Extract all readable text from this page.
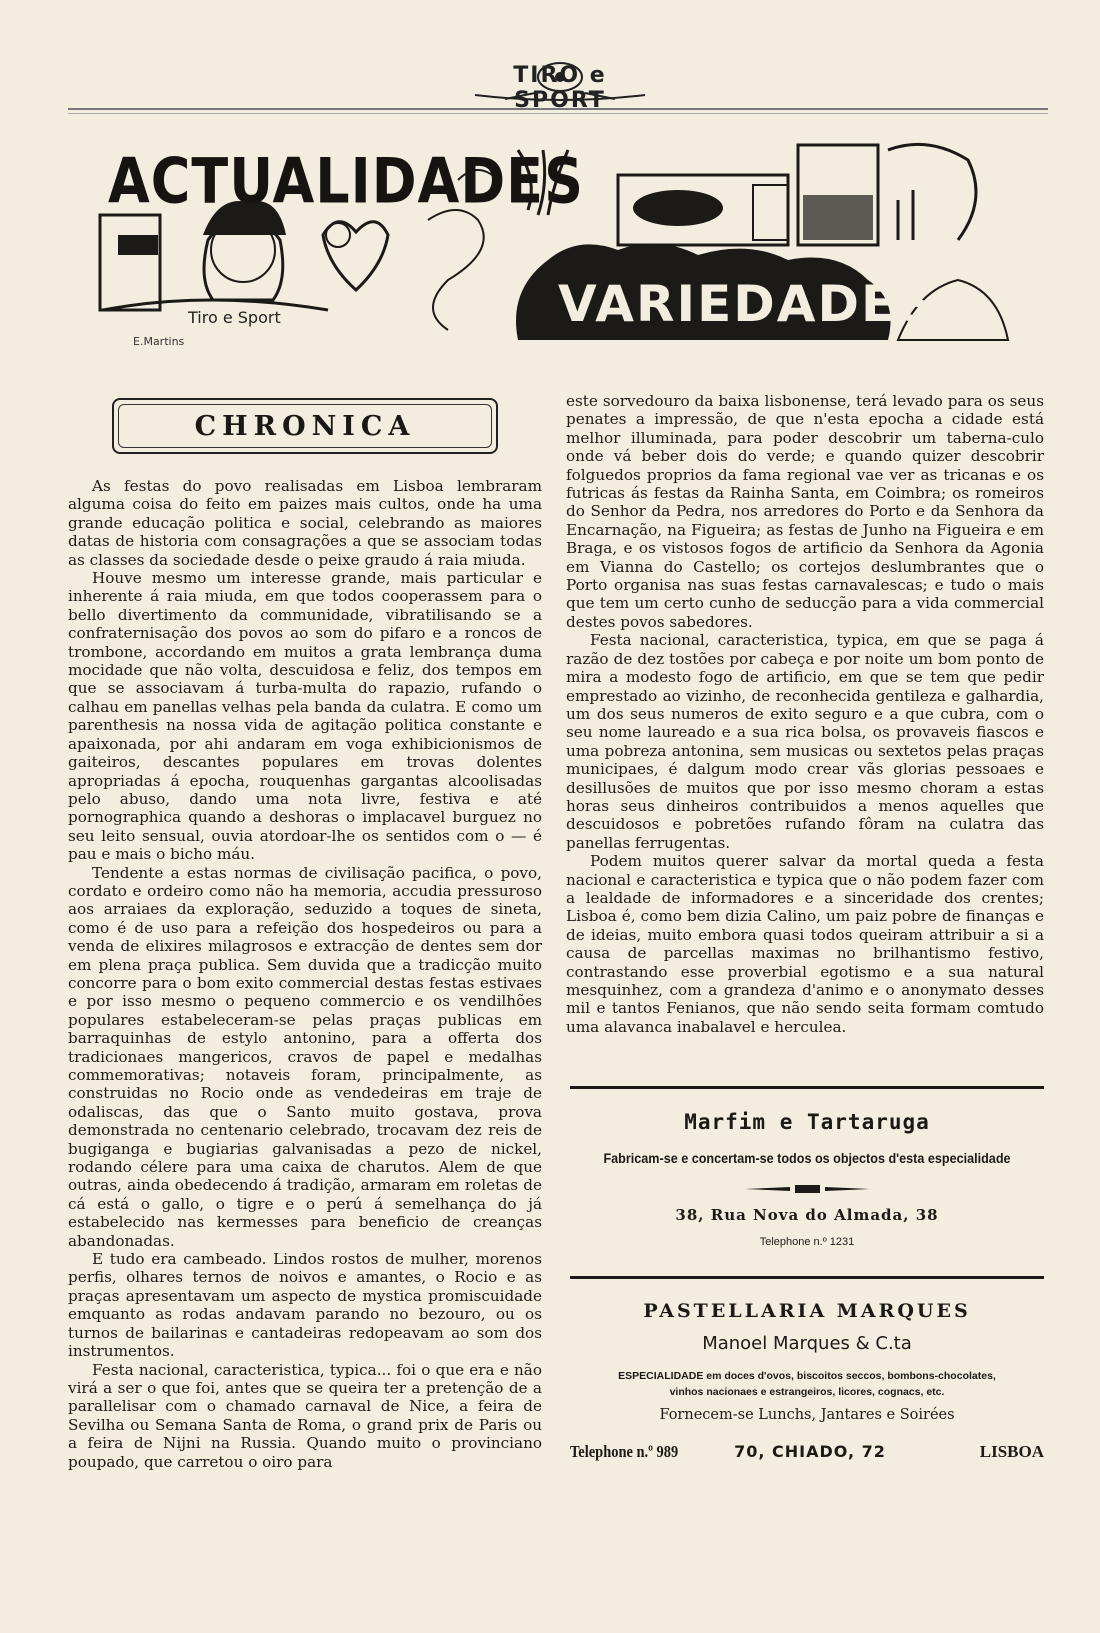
TIRO e SPORT
ACTUALIDADES
VARIEDADES
Tiro e Sport
E.Martins
CHRONICA

As festas do povo realisadas em Lisboa lembraram alguma coisa do feito em paizes mais cultos, onde ha uma grande educação politica e social, celebrando as maiores datas de historia com consagrações a que se associam todas as classes da sociedade desde o peixe graudo á raia miuda.

Houve mesmo um interesse grande, mais particular e inherente á raia miuda, em que todos cooperassem para o bello divertimento da communidade, vibratilisando se a confraternisação dos povos ao som do pifaro e a roncos de trombone, accordando em muitos a grata lembrança duma mocidade que não volta, descuidosa e feliz, dos tempos em que se associavam á turba-multa do rapazio, rufando o calhau em panellas velhas pela banda da culatra. E como um parenthesis na nossa vida de agitação politica constante e apaixonada, por ahi andaram em voga exhibicionismos de gaiteiros, descantes populares em trovas dolentes apropriadas á epocha, rouquenhas gargantas alcoolisadas pelo abuso, dando uma nota livre, festiva e até pornographica quando a deshoras o implacavel burguez no seu leito sensual, ouvia atordoar-lhe os sentidos com o — é pau e mais o bicho máu.

Tendente a estas normas de civilisação pacifica, o povo, cordato e ordeiro como não ha memoria, accudia pressuroso aos arraiaes da exploração, seduzido a toques de sineta, como é de uso para a refeição dos hospedeiros ou para a venda de elixires milagrosos e extracção de dentes sem dor em plena praça publica. Sem duvida que a tradicção muito concorre para o bom exito commercial destas festas estivaes e por isso mesmo o pequeno commercio e os vendilhões populares estabeleceram-se pelas praças publicas em barraquinhas de estylo antonino, para a offerta dos tradicionaes mangericos, cravos de papel e medalhas commemorativas; notaveis foram, principalmente, as construidas no Rocio onde as vendedeiras em traje de odaliscas, das que o Santo muito gostava, prova demonstrada no centenario celebrado, trocavam dez reis de bugiganga e bugiarias galvanisadas a pezo de nickel, rodando célere para uma caixa de charutos. Alem de que outras, ainda obedecendo á tradição, armaram em roletas de cá está o gallo, o tigre e o perú á semelhança do já estabelecido nas kermesses para beneficio de creanças abandonadas.

E tudo era cambeado. Lindos rostos de mulher, morenos perfis, olhares ternos de noivos e amantes, o Rocio e as praças apresentavam um aspecto de mystica promiscuidade emquanto as rodas andavam parando no bezouro, ou os turnos de bailarinas e cantadeiras redopeavam ao som dos instrumentos.

Festa nacional, caracteristica, typica... foi o que era e não virá a ser o que foi, antes que se queira ter a pretenção de a parallelisar com o chamado carnaval de Nice, a feira de Sevilha ou Semana Santa de Roma, o grand prix de Paris ou a feira de Nijni na Russia. Quando muito o provinciano poupado, que carretou o oiro para

este sorvedouro da baixa lisbonense, terá levado para os seus penates a impressão, de que n'esta epocha a cidade está melhor illuminada, para poder descobrir um taberna-culo onde vá beber dois do verde; e quando quizer descobrir folguedos proprios da fama regional vae ver as tricanas e os futricas ás festas da Rainha Santa, em Coimbra; os romeiros do Senhor da Pedra, nos arredores do Porto e da Senhora da Encarnação, na Figueira; as festas de Junho na Figueira e em Braga, e os vistosos fogos de artificio da Senhora da Agonia em Vianna do Castello; os cortejos deslumbrantes que o Porto organisa nas suas festas carnavalescas; e tudo o mais que tem um certo cunho de seducção para a vida commercial destes povos sabedores.

Festa nacional, caracteristica, typica, em que se paga á razão de dez tostões por cabeça e por noite um bom ponto de mira a modesto fogo de artificio, em que se tem que pedir emprestado ao vizinho, de reconhecida gentileza e galhardia, um dos seus numeros de exito seguro e a que cubra, com o seu nome laureado e a sua rica bolsa, os provaveis fiascos e uma pobreza antonina, sem musicas ou sextetos pelas praças municipaes, é dalgum modo crear vãs glorias pessoaes e desillusões de muitos que por isso mesmo choram a estas horas seus dinheiros contribuidos a menos aquelles que descuidosos e pobretões rufando fôram na culatra das panellas ferrugentas.

Podem muitos querer salvar da mortal queda a festa nacional e caracteristica e typica que o não podem fazer com a lealdade de informadores e a sinceridade dos crentes; Lisboa é, como bem dizia Calino, um paiz pobre de finanças e de ideias, muito embora quasi todos queiram attribuir a si a causa de parcellas maximas no brilhantismo festivo, contrastando esse proverbial egotismo e a sua natural mesquinhez, com a grandeza d'animo e o anonymato desses mil e tantos Fenianos, que não sendo seita formam comtudo uma alavanca inabalavel e herculea.

Marfim e Tartaruga
Fabricam-se e concertam-se todos os objectos d'esta especialidade
38, Rua Nova do Almada, 38
Telephone n.º 1231
PASTELLARIA MARQUES
Manoel Marques & C.ta
ESPECIALIDADE em doces d'ovos, biscoitos seccos, bombons-chocolates, vinhos nacionaes e estrangeiros, licores, cognacs, etc.
Fornecem-se Lunchs, Jantares e Soirées
Telephone n.º 989	70, CHIADO, 72	LISBOA
